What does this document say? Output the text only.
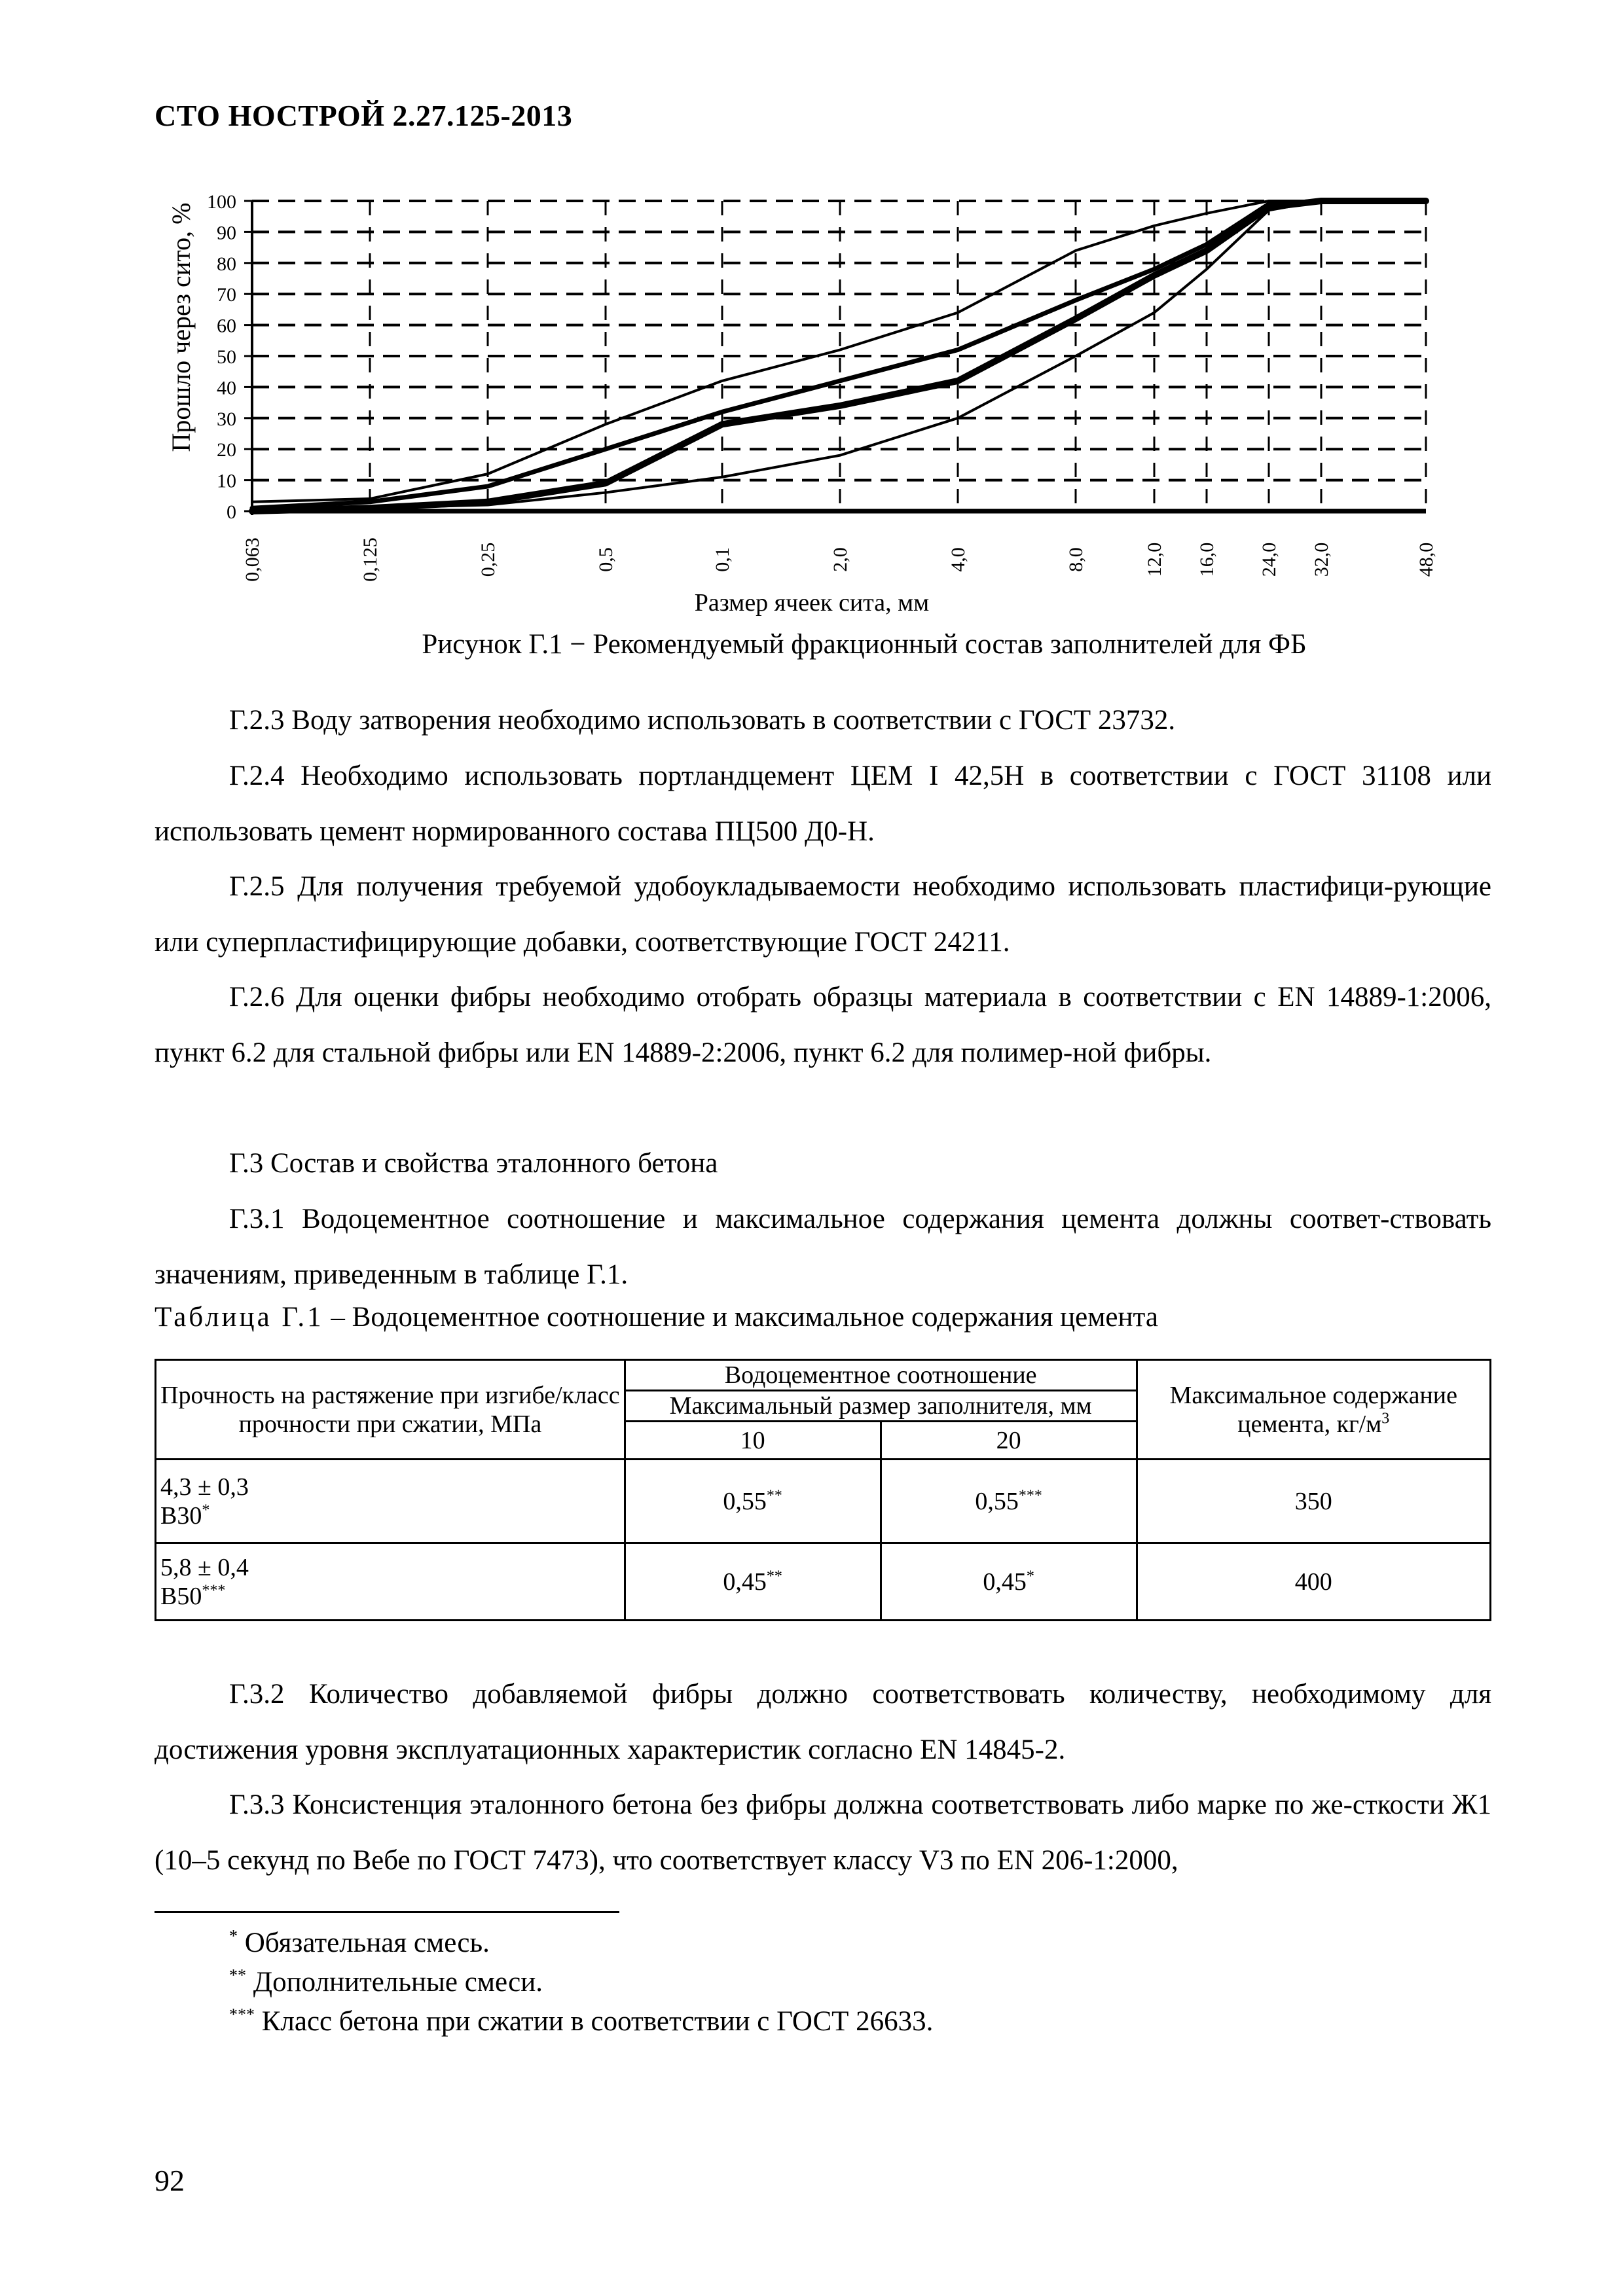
СТО НОСТРОЙ 2.27.125-2013
0
10
20
30
40
50
60
70
80
90
100
0,063	0,125	0,25	0,5	0,1	2,0	4,0	8,0	12,0 16,0 24,0 32,0	48,0
Прошло через сито, %
Размер ячеек сита, мм
Рисунок Г.1 − Рекомендуемый фракционный состав заполнителей для ФБ

Г.2.3 Воду затворения необходимо использовать в соответствии с ГОСТ 23732.

Г.2.4 Необходимо использовать портландцемент ЦЕМ I 42,5Н в соответствии с ГОСТ 31108 или использовать цемент нормированного состава ПЦ500 Д0-Н.

Г.2.5 Для получения требуемой удобоукладываемости необходимо использовать пластифици-рующие или суперпластифицирующие добавки, соответствующие ГОСТ 24211.

Г.2.6 Для оценки фибры необходимо отобрать образцы материала в соответствии с EN 14889-1:2006, пункт 6.2 для стальной фибры или EN 14889-2:2006, пункт 6.2 для полимер-ной фибры.

Г.3 Состав и свойства эталонного бетона

Г.3.1 Водоцементное соотношение и максимальное содержания цемента должны соответ-ствовать значениям, приведенным в таблице Г.1.

Таблица Г.1 – Водоцементное соотношение и максимальное содержания цемента
Прочность на растяжение при изгибе/класс прочности при сжатии, МПа	Водоцементное соотношение		Максимальное содержание цемента, $кг/м^3$
	Максимальный размер заполнителя, мм		
	10	20	
4,3 ± 0,3
В30*	0,55**	0,55***	350
5,8 ± 0,4
В50***	0,45**	0,45*	400

Г.3.2 Количество добавляемой фибры должно соответствовать количеству, необходимому для достижения уровня эксплуатационных характеристик согласно EN 14845-2.

Г.3.3 Консистенция эталонного бетона без фибры должна соответствовать либо марке по же-сткости Ж1 (10–5 секунд по Вебе по ГОСТ 7473), что соответствует классу V3 по EN 206-1:2000,

* Обязательная смесь.
** Дополнительные смеси.
*** Класс бетона при сжатии в соответствии с ГОСТ 26633.
92
